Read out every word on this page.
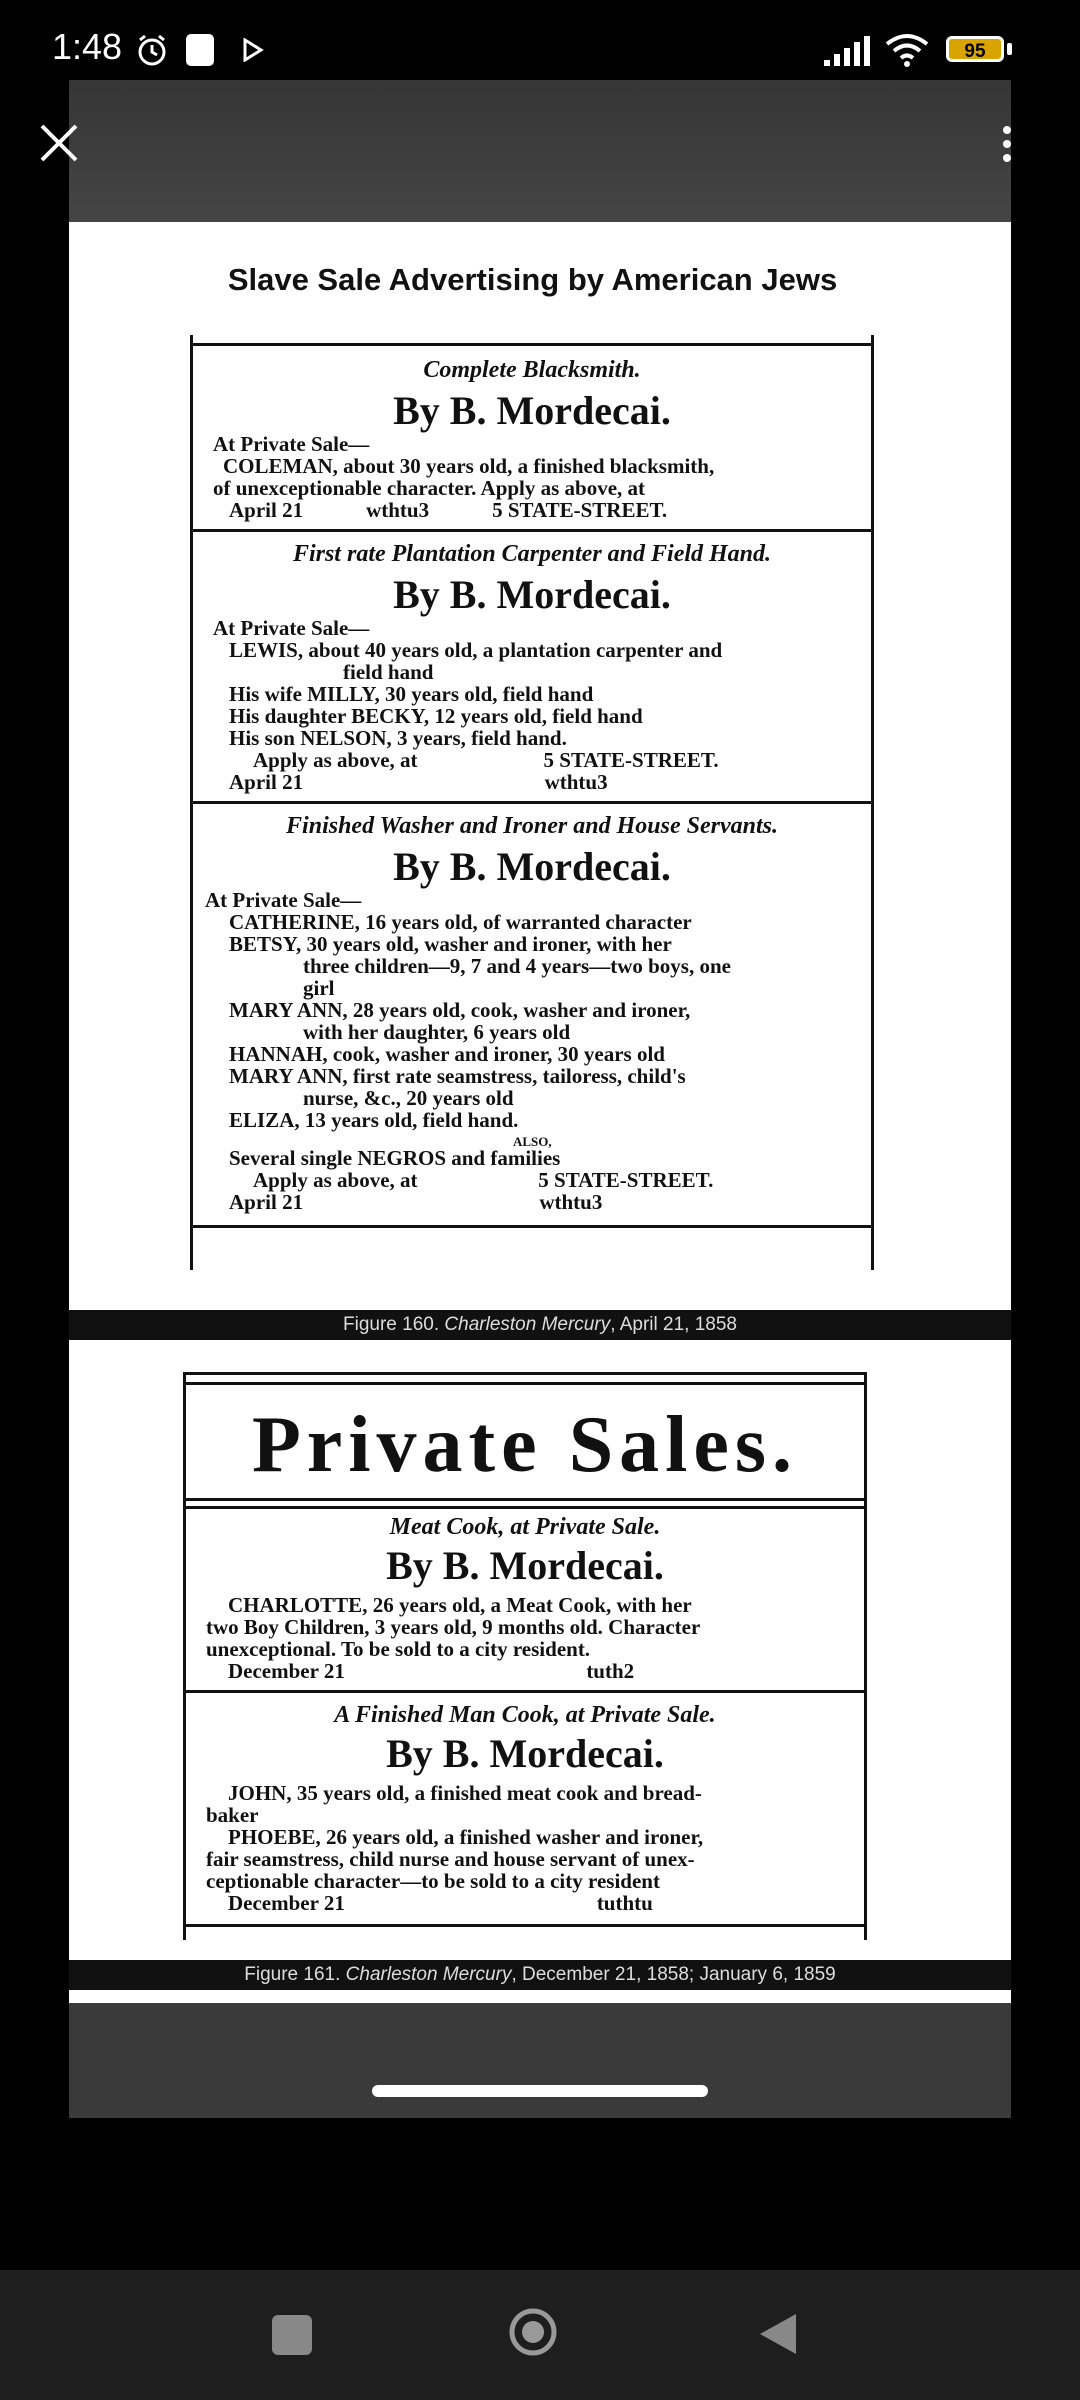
1:48	95
Slave Sale Advertising by American Jews
Complete Blacksmith.
By B. Mordecai.
At Private Sale—
COLEMAN, about 30 years old, a finished blacksmith,
of unexceptionable character. Apply as above, at
April 21            wthtu3            5 STATE-STREET.
First rate Plantation Carpenter and Field Hand.
By B. Mordecai.
At Private Sale—
LEWIS, about 40 years old, a plantation carpenter and
field hand
His wife MILLY, 30 years old, field hand
His daughter BECKY, 12 years old, field hand
His son NELSON, 3 years, field hand.
Apply as above, at                        5 STATE-STREET.
April 21                                              wthtu3
Finished Washer and Ironer and House Servants.
By B. Mordecai.
At Private Sale—
CATHERINE, 16 years old, of warranted character
BETSY, 30 years old, washer and ironer, with her
three children—9, 7 and 4 years—two boys, one
girl
MARY ANN, 28 years old, cook, washer and ironer,
with her daughter, 6 years old
HANNAH, cook, washer and ironer, 30 years old
MARY ANN, first rate seamstress, tailoress, child's
nurse, &c., 20 years old
ELIZA, 13 years old, field hand.
ALSO,
Several single NEGROS and families
Apply as above, at                       5 STATE-STREET.
April 21                                             wthtu3
Figure 160. Charleston Mercury, April 21, 1858
Private Sales.
Meat Cook, at Private Sale.
By B. Mordecai.
CHARLOTTE, 26 years old, a Meat Cook, with her
two Boy Children, 3 years old, 9 months old. Character
unexceptional. To be sold to a city resident.
December 21                                              tuth2
A Finished Man Cook, at Private Sale.
By B. Mordecai.
JOHN, 35 years old, a finished meat cook and bread-
baker
PHOEBE, 26 years old, a finished washer and ironer,
fair seamstress, child nurse and house servant of unex-
ceptionable character—to be sold to a city resident
December 21                                                tuthtu
Figure 161. Charleston Mercury, December 21, 1858; January 6, 1859
